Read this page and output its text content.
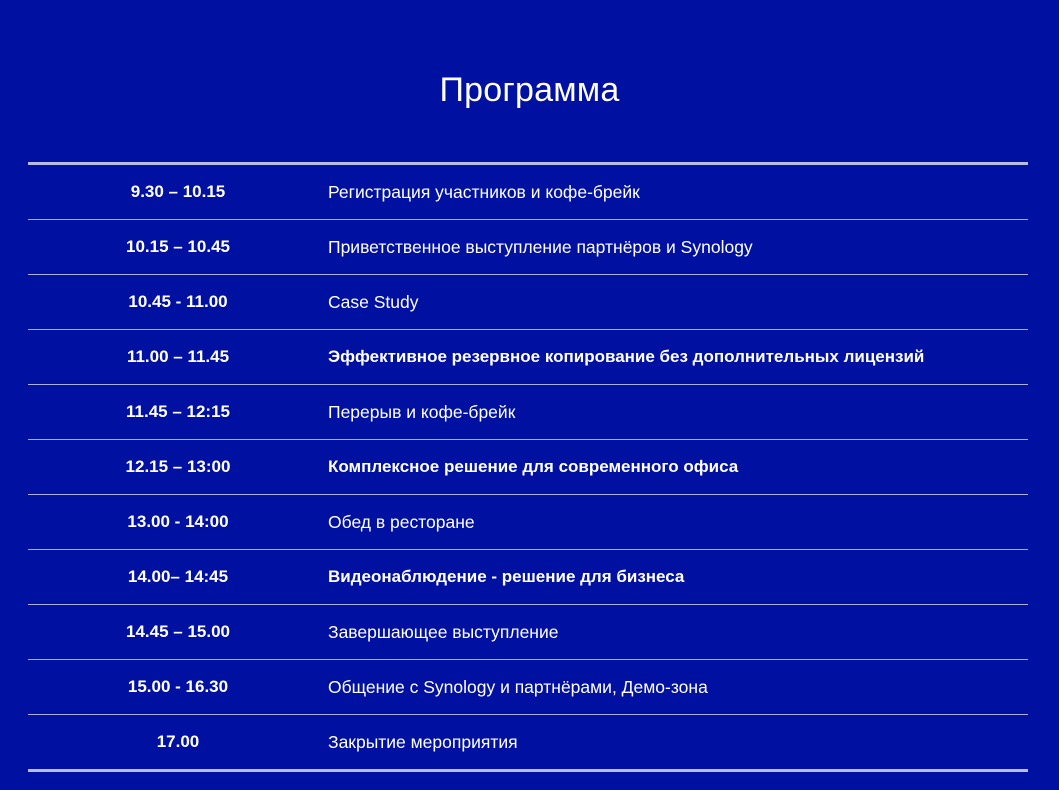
Программа
9.30 – 10.15	Регистрация участников и кофе-брейк
10.15 – 10.45	Приветственное выступление партнёров и Synology
10.45 - 11.00	Case Study
11.00 – 11.45	Эффективное резервное копирование без дополнительных лицензий
11.45 – 12:15	Перерыв и кофе-брейк
12.15 – 13:00	Комплексное решение для современного офиса
13.00 - 14:00	Обед в ресторане
14.00– 14:45	Видеонаблюдение - решение для бизнеса
14.45 – 15.00	Завершающее выступление
15.00 - 16.30	Общение с Synology и партнёрами, Демо-зона
17.00	Закрытие мероприятия
